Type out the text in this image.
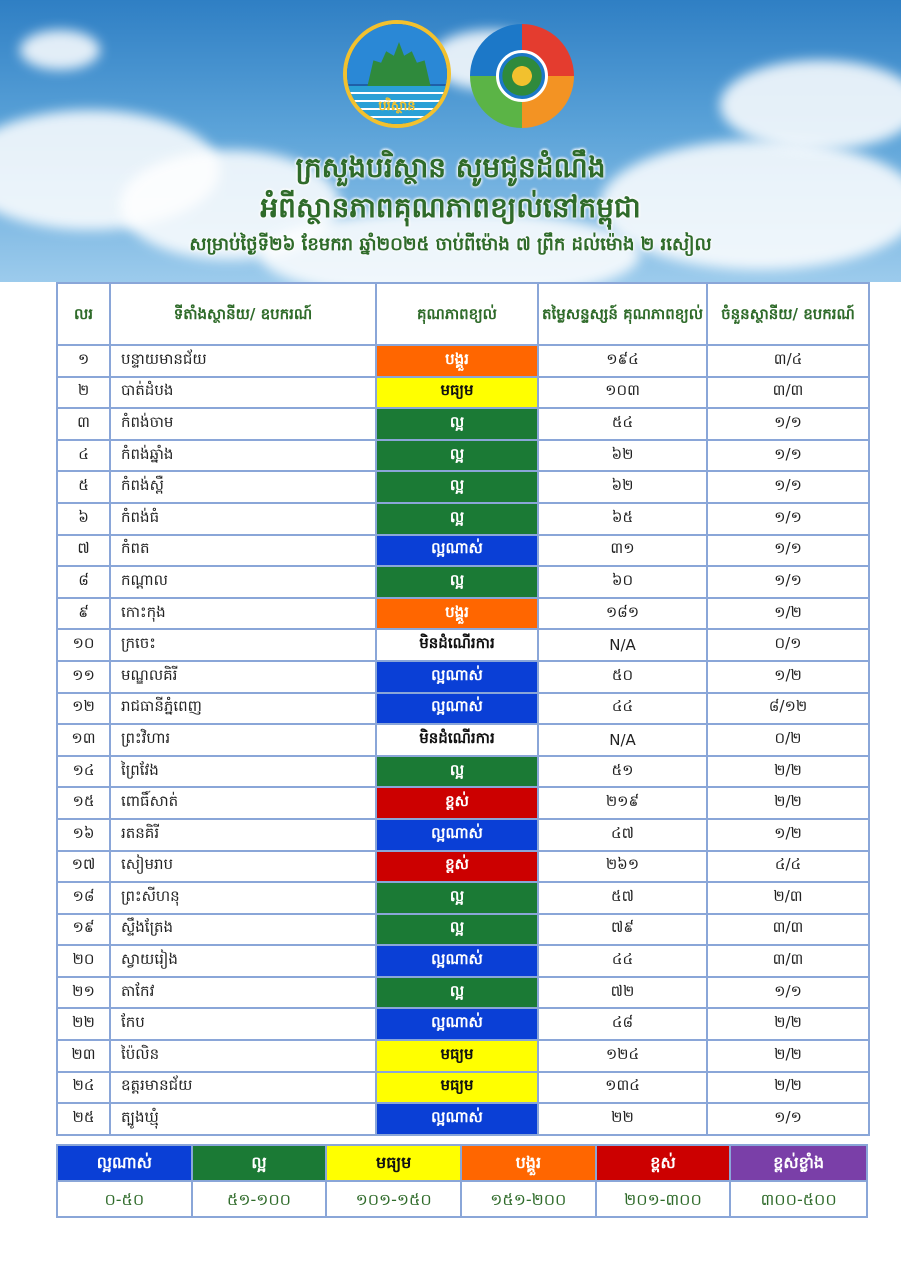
បរិស្ថាន
ក្រសួងបរិស្ថាន សូមជូនដំណឹង
អំពីស្ថានភាពគុណភាពខ្យល់នៅកម្ពុជា
សម្រាប់ថ្ងៃទី២៦ ខែមករា ឆ្នាំ២០២៥ ចាប់ពីម៉ោង ៧ ព្រឹក ដល់ម៉ោង ២ រសៀល
លរ	ទីតាំងស្ថានីយ/ ឧបករណ៍	គុណភាពខ្យល់	តម្លៃសន្ទស្សន៍ គុណភាពខ្យល់	ចំនួនស្ថានីយ/ ឧបករណ៍
១	បន្ទាយមានជ័យ	បង្គួរ	១៩៤	៣/៤
២	បាត់ដំបង	មធ្យម	១០៣	៣/៣
៣	កំពង់ចាម	ល្អ	៥៤	១/១
៤	កំពង់ឆ្នាំង	ល្អ	៦២	១/១
៥	កំពង់ស្ពឺ	ល្អ	៦២	១/១
៦	កំពង់ធំ	ល្អ	៦៥	១/១
៧	កំពត	ល្អណាស់	៣១	១/១
៨	កណ្តាល	ល្អ	៦០	១/១
៩	កោះកុង	បង្គួរ	១៨១	១/២
១០	ក្រចេះ	មិនដំណើរការ	N/A	០/១
១១	មណ្ឌលគិរី	ល្អណាស់	៥០	១/២
១២	រាជធានីភ្នំពេញ	ល្អណាស់	៤៤	៨/១២
១៣	ព្រះវិហារ	មិនដំណើរការ	N/A	០/២
១៤	ព្រៃវែង	ល្អ	៥១	២/២
១៥	ពោធិ៍សាត់	ខ្ពស់	២១៩	២/២
១៦	រតនគិរី	ល្អណាស់	៤៧	១/២
១៧	សៀមរាប	ខ្ពស់	២៦១	៤/៤
១៨	ព្រះសីហនុ	ល្អ	៥៧	២/៣
១៩	ស្ទឹងត្រែង	ល្អ	៧៩	៣/៣
២០	ស្វាយរៀង	ល្អណាស់	៤៤	៣/៣
២១	តាកែវ	ល្អ	៧២	១/១
២២	កែប	ល្អណាស់	៤៨	២/២
២៣	ប៉ៃលិន	មធ្យម	១២៤	២/២
២៤	ឧត្តរមានជ័យ	មធ្យម	១៣៤	២/២
២៥	ត្បូងឃ្មុំ	ល្អណាស់	២២	១/១
ល្អណាស់	ល្អ	មធ្យម	បង្គួរ	ខ្ពស់	ខ្ពស់ខ្លាំង
០-៥០	៥១-១០០	១០១-១៥០	១៥១-២០០	២០១-៣០០	៣០០-៥០០
